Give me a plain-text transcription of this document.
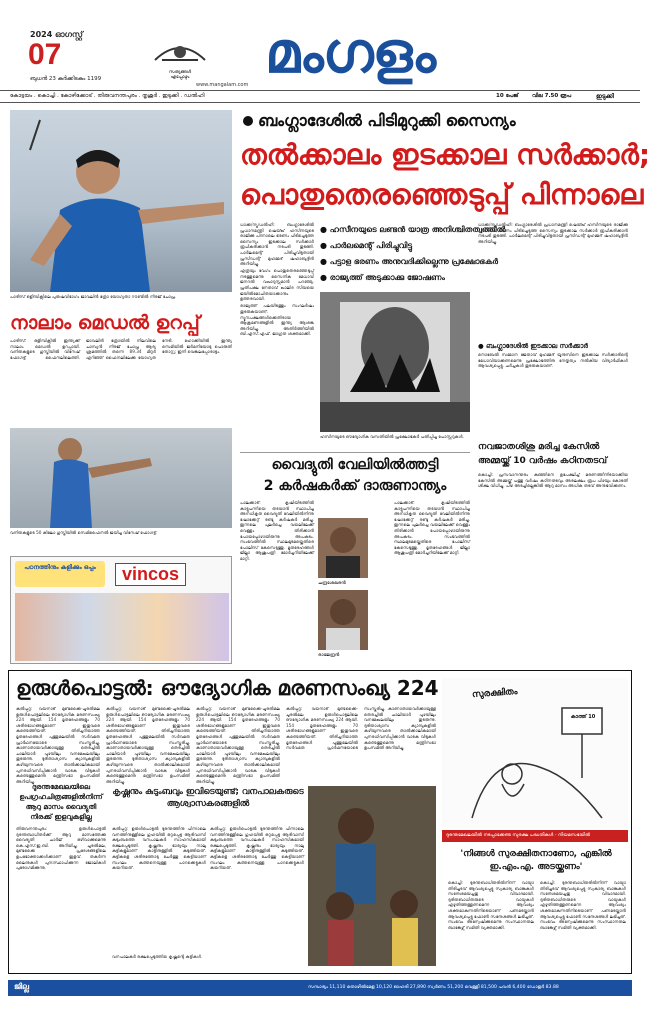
2024 ഓഗസ്റ്റ്
07
ബുധൻ 23 കർക്കിടകം 1199
സത്യങ്ങൾ
എപ്പോഴും	മംഗളം
www.mangalam.com
കോട്ടയം . കൊച്ചി . കോഴിക്കോട് . തിരുവനന്തപുരം . തൃശൂർ . ഇടുക്കി . ഡൽഹി	10 പേജ് വില 7.50 രൂപ	ഇടുക്കി
പാരീസ് ഒളിമ്പിക്സിലെ പുരുഷവിഭാഗം ജാവലിൻ ത്രോ യോഗ്യതാ റൗണ്ടിൽ നീരജ് ചോപ്ര.
നാലാം മെഡൽ ഉറപ്പ്
പാരീസ്: ഒളിമ്പിക്സിൽ ഇന്ത്യക്ക് നാലാം മെഡൽ ഉറപ്പായി. വനിതകളുടെ ഗുസ്തിയിൽ വിനേഷ് ഫോഗട്ട് ഫൈനലിലെത്തി. ജാവലിൻ ത്രോയിൽ നിലവിലെ ചാമ്പ്യൻ നീരജ് ചോപ്ര ആദ്യ ശ്രമത്തിൽ തന്നെ 89.34 മീറ്റർ എറിഞ്ഞ് ഫൈനലിലേക്കു യോഗ്യത നേടി. ഹോക്കിയിൽ ഇന്ത്യ സെമിയിൽ ജർമനിയോടു പൊരുതി തോറ്റു; ഇനി വെങ്കലപ്പോരാട്ടം.
വനിതകളുടെ 50 കിലോ ഗുസ്തിയിൽ സെമിഫൈനൽ ജയിച്ച വിനേഷ് ഫോഗട്ട്.
പഠനത്തിനും കളിക്കും ഒപ്പം	vincos
ബംഗ്ലാദേശിൽ പിടിമുറുക്കി സൈന്യം
തൽക്കാലം ഇടക്കാല സർക്കാർ;
പൊതുതെരഞ്ഞെടുപ്പ് പിന്നാലെ

ധാക്ക/ന്യൂഡൽഹി: ബംഗ്ലാദേശിൽ പ്രധാനമന്ത്രി ഷെയ്ഖ് ഹസീനയുടെ രാജിക്കു പിന്നാലെ ഭരണം പിടിച്ചെടുത്ത സൈന്യം ഇടക്കാല സർക്കാർ രൂപീകരിക്കാൻ നടപടി തുടങ്ങി. പാർലമെന്റ് പിരിച്ചുവിട്ടതായി പ്രസിഡന്റ് മുഹമ്മദ് ഷഹാബുദ്ദീൻ അറിയിച്ചു.

എത്രയും വേഗം പൊതുതെരഞ്ഞെടുപ്പ് നടത്തുമെന്നു സൈനിക മേധാവി ജനറൽ വഖാറുസ്സമാൻ പറഞ്ഞു. പ്രതിപക്ഷ നേതാവ് ഖാലിദ സിയയെ ജയിൽമോചിതയാക്കാനും ഉത്തരവായി.

രാജ്യത്ത് പലയിടത്തും സംഘർഷം തുടരുകയാണ്. ന്യൂനപക്ഷങ്ങൾക്കെതിരായ ആക്രമണങ്ങളിൽ ഇന്ത്യ ആശങ്ക അറിയിച്ചു. അതിർത്തിയിൽ ബി.എസ്.എഫ്. ജാഗ്രത ശക്തമാക്കി.

● ഹസീനയുടെ ലണ്ടൻ യാത്ര അനിശ്ചിതത്വത്തിൽ
● പാർലമെന്റ് പിരിച്ചുവിട്ടു
● പട്ടാള ഭരണം അനുവദിക്കില്ലെന്നു പ്രക്ഷോഭകർ
● രാജ്യത്ത് അടുക്കാക്കു ജോഷണം
ഹസീനയുടെ ഔദ്യോഗിക വസതിയിൽ പ്രക്ഷോഭകർ പതിപ്പിച്ച പോസ്റ്ററുകൾ.
ധാക്ക/ന്യൂഡൽഹി: ബംഗ്ലാദേശിൽ പ്രധാനമന്ത്രി ഷെയ്ഖ് ഹസീനയുടെ രാജിക്കു പിന്നാലെ ഭരണം പിടിച്ചെടുത്ത സൈന്യം ഇടക്കാല സർക്കാർ രൂപീകരിക്കാൻ നടപടി തുടങ്ങി. പാർലമെന്റ് പിരിച്ചുവിട്ടതായി പ്രസിഡന്റ് മുഹമ്മദ് ഷഹാബുദ്ദീൻ അറിയിച്ചു.
● ബംഗ്ലാദേശിൽ ഇടക്കാല സർക്കാർ
നൊബേൽ സമ്മാന ജേതാവ് മുഹമ്മദ് യൂനുസിനെ ഇടക്കാല സർക്കാരിന്റെ മേധാവിയാക്കണമെന്നു പ്രക്ഷോഭത്തിനു നേതൃത്വം നൽകിയ വിദ്യാർഥികൾ ആവശ്യപ്പെട്ടു. ചർച്ചകൾ തുടരുകയാണ്.
വൈദ്യുതി വേലിയിൽത്തട്ടി
2 കർഷകർക്ക് ദാരുണാന്ത്യം
ചന്ദ്രശേഖരൻ
രാജേന്ദ്രൻ
പാലക്കാട്: കൃഷിയിടത്തിൽ കാട്ടുപന്നിയെ തടയാൻ സ്ഥാപിച്ച അനധികൃത വൈദ്യുതി വേലിയിൽനിന്നു ഷോക്കേറ്റ് രണ്ടു കർഷകർ മരിച്ചു. ഇന്നലെ പുലർച്ചെ വയലിലേക്ക് വെള്ളം തിരിക്കാൻ പോയപ്പോഴായിരുന്നു അപകടം. സംഭവത്തിൽ സ്ഥലമുടമയ്ക്കെതിരെ പോലീസ് കേസെടുത്തു. മൃതദേഹങ്ങൾ ജില്ലാ ആശുപത്രി മോർച്ചറിയിലേക്ക് മാറ്റി.
പാലക്കാട്: കൃഷിയിടത്തിൽ കാട്ടുപന്നിയെ തടയാൻ സ്ഥാപിച്ച അനധികൃത വൈദ്യുതി വേലിയിൽനിന്നു ഷോക്കേറ്റ് രണ്ടു കർഷകർ മരിച്ചു. ഇന്നലെ പുലർച്ചെ വയലിലേക്ക് വെള്ളം തിരിക്കാൻ പോയപ്പോഴായിരുന്നു അപകടം. സംഭവത്തിൽ സ്ഥലമുടമയ്ക്കെതിരെ പോലീസ് കേസെടുത്തു. മൃതദേഹങ്ങൾ ജില്ലാ ആശുപത്രി മോർച്ചറിയിലേക്ക് മാറ്റി.
നവജാതശിശു മരിച്ച കേസിൽ
അമ്മയ്ക്ക് 10 വർഷം കഠിനതടവ്
കൊച്ചി: പ്രസവാനന്തരം കുഞ്ഞിനെ ഉപേക്ഷിച്ച് മരണത്തിനിടയാക്കിയ കേസിൽ അമ്മയ്ക്ക് പത്തു വർഷം കഠിനതടവും അരലക്ഷം രൂപ പിഴയും കോടതി ശിക്ഷ വിധിച്ചു. പിഴ അടച്ചില്ലെങ്കിൽ ആറു മാസം അധിക തടവ് അനുഭവിക്കണം.
ഉരുൾപൊട്ടൽ: ഔദ്യോഗിക മരണസംഖ്യ 224
കൽപ്പറ്റ: വയനാട് മുണ്ടക്കൈ-ചൂരൽമല ഉരുൾപൊട്ടലിലെ ഔദ്യോഗിക മരണസംഖ്യ 224 ആയി. 154 മൃതദേഹങ്ങളും 70 ശരീരഭാഗങ്ങളുമാണ് ഇതുവരെ കണ്ടെത്തിയത്. തിരിച്ചറിയാത്ത മൃതദേഹങ്ങൾ പുത്തുമലയിൽ സർവമത പ്രാർഥനയോടെ സംസ്കരിച്ചു. കാണാതായവർക്കായുള്ള തെരച്ചിൽ ചാലിയാർ പുഴയിലും വനമേഖലയിലും തുടരുന്നു. ദുരിതാശ്വാസ ക്യാമ്പുകളിൽ കഴിയുന്നവരെ താൽക്കാലികമായി പുനരധിവസിപ്പിക്കാൻ വാടക വീടുകൾ കണ്ടെത്തുമെന്നു മന്ത്രിസഭാ ഉപസമിതി അറിയിച്ചു.
കൽപ്പറ്റ: വയനാട് മുണ്ടക്കൈ-ചൂരൽമല ഉരുൾപൊട്ടലിലെ ഔദ്യോഗിക മരണസംഖ്യ 224 ആയി. 154 മൃതദേഹങ്ങളും 70 ശരീരഭാഗങ്ങളുമാണ് ഇതുവരെ കണ്ടെത്തിയത്. തിരിച്ചറിയാത്ത മൃതദേഹങ്ങൾ പുത്തുമലയിൽ സർവമത പ്രാർഥനയോടെ സംസ്കരിച്ചു. കാണാതായവർക്കായുള്ള തെരച്ചിൽ ചാലിയാർ പുഴയിലും വനമേഖലയിലും തുടരുന്നു. ദുരിതാശ്വാസ ക്യാമ്പുകളിൽ കഴിയുന്നവരെ താൽക്കാലികമായി പുനരധിവസിപ്പിക്കാൻ വാടക വീടുകൾ കണ്ടെത്തുമെന്നു മന്ത്രിസഭാ ഉപസമിതി അറിയിച്ചു.
കൽപ്പറ്റ: വയനാട് മുണ്ടക്കൈ-ചൂരൽമല ഉരുൾപൊട്ടലിലെ ഔദ്യോഗിക മരണസംഖ്യ 224 ആയി. 154 മൃതദേഹങ്ങളും 70 ശരീരഭാഗങ്ങളുമാണ് ഇതുവരെ കണ്ടെത്തിയത്. തിരിച്ചറിയാത്ത മൃതദേഹങ്ങൾ പുത്തുമലയിൽ സർവമത പ്രാർഥനയോടെ സംസ്കരിച്ചു. കാണാതായവർക്കായുള്ള തെരച്ചിൽ ചാലിയാർ പുഴയിലും വനമേഖലയിലും തുടരുന്നു. ദുരിതാശ്വാസ ക്യാമ്പുകളിൽ കഴിയുന്നവരെ താൽക്കാലികമായി പുനരധിവസിപ്പിക്കാൻ വാടക വീടുകൾ കണ്ടെത്തുമെന്നു മന്ത്രിസഭാ ഉപസമിതി അറിയിച്ചു.
കൽപ്പറ്റ: വയനാട് മുണ്ടക്കൈ-ചൂരൽമല ഉരുൾപൊട്ടലിലെ ഔദ്യോഗിക മരണസംഖ്യ 224 ആയി. 154 മൃതദേഹങ്ങളും 70 ശരീരഭാഗങ്ങളുമാണ് ഇതുവരെ കണ്ടെത്തിയത്. തിരിച്ചറിയാത്ത മൃതദേഹങ്ങൾ പുത്തുമലയിൽ സർവമത പ്രാർഥനയോടെ സംസ്കരിച്ചു. കാണാതായവർക്കായുള്ള തെരച്ചിൽ ചാലിയാർ പുഴയിലും വനമേഖലയിലും തുടരുന്നു. ദുരിതാശ്വാസ ക്യാമ്പുകളിൽ കഴിയുന്നവരെ താൽക്കാലികമായി പുനരധിവസിപ്പിക്കാൻ വാടക വീടുകൾ കണ്ടെത്തുമെന്നു മന്ത്രിസഭാ ഉപസമിതി അറിയിച്ചു.
ദുരന്തമേഖലയിലെ ഉപഗ്രഹചിത്രങ്ങളിൽനിന്ന് ആറു മാസം വൈദ്യുതി നിരക്ക് ഇളവുകളില്ല
തിരുവനന്തപുരം: ഉരുൾപൊട്ടൽ ദുരന്തബാധിതർക്ക് ആറു മാസത്തേക്കു വൈദ്യുതി ചാർജ് ഒഴിവാക്കുമെന്നു കെ.എസ്.ഇ.ബി. അറിയിച്ചു. ചൂരൽമല, മുണ്ടക്കൈ പ്രദേശങ്ങളിലെ ഉപഭോക്താക്കൾക്കാണ് ഇളവ്. തകർന്ന ലൈനുകൾ പുനഃസ്ഥാപിക്കുന്ന ജോലികൾ പുരോഗമിക്കുന്നു.
കൃഷ്ണനും കുടുംബവും ഇവിടെയുണ്ട്; വനപാലകരുടെ ആശ്വാസകരങ്ങളിൽ
കൽപ്പറ്റ: ഉരുൾപൊട്ടൽ ദുരന്തത്തിനു പിന്നാലെ വനത്തിനുള്ളിലെ ഗുഹയിൽ ഒറ്റപ്പെട്ട ആദിവാസി കുടുംബത്തെ വനപാലകർ സാഹസികമായി രക്ഷപ്പെടുത്തി. കൃഷ്ണനും ഭാര്യയും നാലു കുട്ടികളുമാണ് കാട്ടിനുള്ളിൽ കുടുങ്ങിയത്. കുട്ടികളെ ശരീരത്തോടു ചേർത്തു കെട്ടിയാണ് സംഘം കുത്തനെയുള്ള പാറക്കെട്ടുകൾ കയറിയത്.
കൽപ്പറ്റ: ഉരുൾപൊട്ടൽ ദുരന്തത്തിനു പിന്നാലെ വനത്തിനുള്ളിലെ ഗുഹയിൽ ഒറ്റപ്പെട്ട ആദിവാസി കുടുംബത്തെ വനപാലകർ സാഹസികമായി രക്ഷപ്പെടുത്തി. കൃഷ്ണനും ഭാര്യയും നാലു കുട്ടികളുമാണ് കാട്ടിനുള്ളിൽ കുടുങ്ങിയത്. കുട്ടികളെ ശരീരത്തോടു ചേർത്തു കെട്ടിയാണ് സംഘം കുത്തനെയുള്ള പാറക്കെട്ടുകൾ കയറിയത്.
വനപാലകർ രക്ഷപ്പെടുത്തിയ കൃഷ്ണന്റെ കുട്ടികൾ.
സുരക്ഷിതം
കാത്ത് 10
ദുരന്തമേഖലയിൽ നടപ്പാക്കേണ്ട സുരക്ഷ പദ്ധതികൾ - നിയമസഭയിൽ
'നിങ്ങൾ സുരക്ഷിതനാണോ, എങ്കിൽ ഇ.എം.എ. അടയ്ക്കണം'
കൊച്ചി: ദുരന്തബാധിതരിൽനിന്ന് വായ്പാ തിരിച്ചടവ് ആവശ്യപ്പെട്ടു സ്വകാര്യ ബാങ്കുകൾ സന്ദേശമയച്ചതു വിവാദമായി. ദുരിതബാധിതരുടെ വായ്പകൾ എഴുതിത്തള്ളണമെന്ന ആവശ്യം ശക്തമാകുന്നതിനിടെയാണ് പണമടയ്ക്കാൻ ആവശ്യപ്പെട്ടു ഫോൺ സന്ദേശങ്ങൾ ലഭിച്ചത്. സംഭവം അന്വേഷിക്കുമെന്നു സംസ്ഥാനതല ബാങ്കേഴ്സ് സമിതി വ്യക്തമാക്കി.
കൊച്ചി: ദുരന്തബാധിതരിൽനിന്ന് വായ്പാ തിരിച്ചടവ് ആവശ്യപ്പെട്ടു സ്വകാര്യ ബാങ്കുകൾ സന്ദേശമയച്ചതു വിവാദമായി. ദുരിതബാധിതരുടെ വായ്പകൾ എഴുതിത്തള്ളണമെന്ന ആവശ്യം ശക്തമാകുന്നതിനിടെയാണ് പണമടയ്ക്കാൻ ആവശ്യപ്പെട്ടു ഫോൺ സന്ദേശങ്ങൾ ലഭിച്ചത്. സംഭവം അന്വേഷിക്കുമെന്നു സംസ്ഥാനതല ബാങ്കേഴ്സ് സമിതി വ്യക്തമാക്കി.
ജില്ല	സമ്പാദ്യം 11,110 തൊഴിൽമേള 10,120 ഓഹരി 27,890 സ്വർണം 51,200 വെള്ളി 81,500 പവൻ 6,400 ഡോളർ 83.88
